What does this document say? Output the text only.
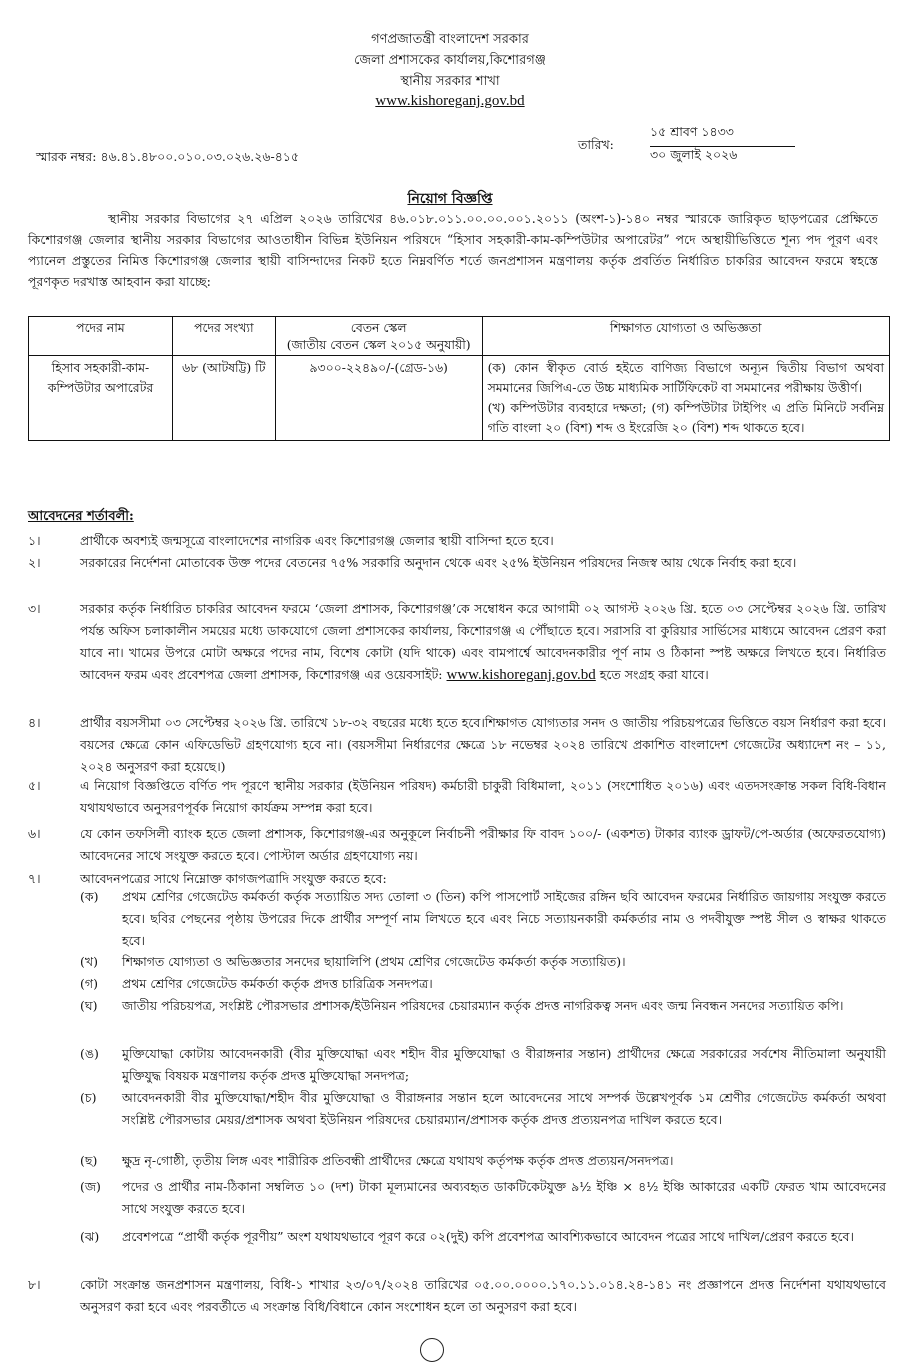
গণপ্রজাতন্ত্রী বাংলাদেশ সরকার
জেলা প্রশাসকের কার্যালয়,কিশোরগঞ্জ
স্থানীয় সরকার শাখা
www.kishoreganj.gov.bd
স্মারক নম্বর: ৪৬.৪১.৪৮০০.০১০.০৩.০২৬.২৬-৪১৫
তারিখ:
১৫ শ্রাবণ ১৪৩৩
৩০ জুলাই ২০২৬
নিয়োগ বিজ্ঞপ্তি
স্থানীয় সরকার বিভাগের ২৭ এপ্রিল ২০২৬ তারিখের ৪৬.০১৮.০১১.০০.০০.০০১.২০১১ (অংশ-১)-১৪০ নম্বর স্মারকে জারিকৃত ছাড়পত্রের প্রেক্ষিতে কিশোরগঞ্জ জেলার স্থানীয় সরকার বিভাগের আওতাধীন বিভিন্ন ইউনিয়ন পরিষদে “হিসাব সহকারী-কাম-কম্পিউটার অপারেটর” পদে অস্থায়ীভিত্তিতে শূন্য পদ পূরণ এবং প্যানেল প্রস্তুতের নিমিত্ত কিশোরগঞ্জ জেলার স্থায়ী বাসিন্দাদের নিকট হতে নিম্নবর্ণিত শর্তে জনপ্রশাসন মন্ত্রণালয় কর্তৃক প্রবর্তিত নির্ধারিত চাকরির আবেদন ফরমে স্বহস্তে পূরণকৃত দরখাস্ত আহবান করা যাচ্ছে:
পদের নাম	পদের সংখ্যা	বেতন স্কেল
(জাতীয় বেতন স্কেল ২০১৫ অনুযায়ী)	শিক্ষাগত যোগ্যতা ও অভিজ্ঞতা
হিসাব সহকারী-কাম-কম্পিউটার অপারেটর	৬৮ (আটষট্টি) টি	৯৩০০-২২৪৯০/-(গ্রেড-১৬)	(ক) কোন স্বীকৃত বোর্ড হইতে বাণিজ্য বিভাগে অন্যূন দ্বিতীয় বিভাগ অথবা সমমানের জিপিএ-তে উচ্চ মাধ্যমিক সার্টিফিকেট বা সমমানের পরীক্ষায় উত্তীর্ণ।
(খ) কম্পিউটার ব্যবহারে দক্ষতা; (গ) কম্পিউটার টাইপিং এ প্রতি মিনিটে সর্বনিম্ন গতি বাংলা ২০ (বিশ) শব্দ ও ইংরেজি ২০ (বিশ) শব্দ থাকতে হবে।
আবেদনের শর্তাবলী:
১।	প্রার্থীকে অবশ্যই জন্মসূত্রে বাংলাদেশের নাগরিক এবং কিশোরগঞ্জ জেলার স্থায়ী বাসিন্দা হতে হবে।
২।	সরকারের নির্দেশনা মোতাবেক উক্ত পদের বেতনের ৭৫% সরকারি অনুদান থেকে এবং ২৫% ইউনিয়ন পরিষদের নিজস্ব আয় থেকে নির্বাহ করা হবে।
৩।	সরকার কর্তৃক নির্ধারিত চাকরির আবেদন ফরমে ‘জেলা প্রশাসক, কিশোরগঞ্জ’কে সম্বোধন করে আগামী ০২ আগস্ট ২০২৬ খ্রি. হতে ০৩ সেপ্টেম্বর ২০২৬ খ্রি. তারিখ পর্যন্ত অফিস চলাকালীন সময়ের মধ্যে ডাকযোগে জেলা প্রশাসকের কার্যালয়, কিশোরগঞ্জ এ পৌঁছাতে হবে। সরাসরি বা কুরিয়ার সার্ভিসের মাধ্যমে আবেদন প্রেরণ করা যাবে না। খামের উপরে মোটা অক্ষরে পদের নাম, বিশেষ কোটা (যদি থাকে) এবং বামপার্শ্বে আবেদনকারীর পূর্ণ নাম ও ঠিকানা স্পষ্ট অক্ষরে লিখতে হবে। নির্ধারিত আবেদন ফরম এবং প্রবেশপত্র জেলা প্রশাসক, কিশোরগঞ্জ এর ওয়েবসাইট: www.kishoreganj.gov.bd হতে সংগ্রহ করা যাবে।
৪।	প্রার্থীর বয়সসীমা ০৩ সেপ্টেম্বর ২০২৬ খ্রি. তারিখে ১৮-৩২ বছরের মধ্যে হতে হবে।শিক্ষাগত যোগ্যতার সনদ ও জাতীয় পরিচয়পত্রের ভিত্তিতে বয়স নির্ধারণ করা হবে। বয়সের ক্ষেত্রে কোন এফিডেভিট গ্রহণযোগ্য হবে না। (বয়সসীমা নির্ধারণের ক্ষেত্রে ১৮ নভেম্বর ২০২৪ তারিখে প্রকাশিত বাংলাদেশ গেজেটের অধ্যাদেশ নং – ১১, ২০২৪ অনুসরণ করা হয়েছে।)
৫।	এ নিয়োগ বিজ্ঞপ্তিতে বর্ণিত পদ পূরণে স্থানীয় সরকার (ইউনিয়ন পরিষদ) কর্মচারী চাকুরী বিধিমালা, ২০১১ (সংশোধিত ২০১৬) এবং এতদসংক্রান্ত সকল বিধি-বিধান যথাযথভাবে অনুসরণপূর্বক নিয়োগ কার্যক্রম সম্পন্ন করা হবে।
৬।	যে কোন তফসিলী ব্যাংক হতে জেলা প্রশাসক, কিশোরগঞ্জ-এর অনুকূলে নির্বাচনী পরীক্ষার ফি বাবদ ১০০/- (একশত) টাকার ব্যাংক ড্রাফট/পে-অর্ডার (অফেরতযোগ্য) আবেদনের সাথে সংযুক্ত করতে হবে। পোস্টাল অর্ডার গ্রহণযোগ্য নয়।
৭।	আবেদনপত্রের সাথে নিম্নোক্ত কাগজপত্রাদি সংযুক্ত করতে হবে:
(ক)	প্রথম শ্রেণির গেজেটেড কর্মকর্তা কর্তৃক সত্যায়িত সদ্য তোলা ৩ (তিন) কপি পাসপোর্ট সাইজের রঙ্গিন ছবি আবেদন ফরমের নির্ধারিত জায়গায় সংযুক্ত করতে হবে। ছবির পেছনের পৃষ্ঠায় উপরের দিকে প্রার্থীর সম্পূর্ণ নাম লিখতে হবে এবং নিচে সত্যায়নকারী কর্মকর্তার নাম ও পদবীযুক্ত স্পষ্ট সীল ও স্বাক্ষর থাকতে হবে।
(খ)	শিক্ষাগত যোগ্যতা ও অভিজ্ঞতার সনদের ছায়ালিপি (প্রথম শ্রেণির গেজেটেড কর্মকর্তা কর্তৃক সত্যায়িত)।
(গ)	প্রথম শ্রেণির গেজেটেড কর্মকর্তা কর্তৃক প্রদত্ত চারিত্রিক সনদপত্র।
(ঘ)	জাতীয় পরিচয়পত্র, সংশ্লিষ্ট পৌরসভার প্রশাসক/ইউনিয়ন পরিষদের চেয়ারম্যান কর্তৃক প্রদত্ত নাগরিকত্ব সনদ এবং জন্ম নিবন্ধন সনদের সত্যায়িত কপি।
(ঙ)	মুক্তিযোদ্ধা কোটায় আবেদনকারী (বীর মুক্তিযোদ্ধা এবং শহীদ বীর মুক্তিযোদ্ধা ও বীরাঙ্গনার সন্তান) প্রার্থীদের ক্ষেত্রে সরকারের সর্বশেষ নীতিমালা অনুযায়ী মুক্তিযুদ্ধ বিষয়ক মন্ত্রণালয় কর্তৃক প্রদত্ত মুক্তিযোদ্ধা সনদপত্র;
(চ)	আবেদনকারী বীর মুক্তিযোদ্ধা/শহীদ বীর মুক্তিযোদ্ধা ও বীরাঙ্গনার সন্তান হলে আবেদনের সাথে সম্পর্ক উল্লেখপূর্বক ১ম শ্রেণীর গেজেটেড কর্মকর্তা অথবা সংশ্লিষ্ট পৌরসভার মেয়র/প্রশাসক অথবা ইউনিয়ন পরিষদের চেয়ারম্যান/প্রশাসক কর্তৃক প্রদত্ত প্রত্যয়নপত্র দাখিল করতে হবে।
(ছ)	ক্ষুদ্র নৃ-গোষ্ঠী, তৃতীয় লিঙ্গ এবং শারীরিক প্রতিবন্ধী প্রার্থীদের ক্ষেত্রে যথাযথ কর্তৃপক্ষ কর্তৃক প্রদত্ত প্রত্যয়ন/সনদপত্র।
(জ)	পদের ও প্রার্থীর নাম-ঠিকানা সম্বলিত ১০ (দশ) টাকা মূল্যমানের অব্যবহৃত ডাকটিকেটযুক্ত ৯½ ইঞ্চি × ৪½ ইঞ্চি আকারের একটি ফেরত খাম আবেদনের সাথে সংযুক্ত করতে হবে।
(ঝ)	প্রবেশপত্রে “প্রার্থী কর্তৃক পূরণীয়” অংশ যথাযথভাবে পূরণ করে ০২(দুই) কপি প্রবেশপত্র আবশ্যিকভাবে আবেদন পত্রের সাথে দাখিল/প্রেরণ করতে হবে।
৮।	কোটা সংক্রান্ত জনপ্রশাসন মন্ত্রণালয়, বিধি-১ শাখার ২৩/০৭/২০২৪ তারিখের ০৫.০০.০০০০.১৭০.১১.০১৪.২৪-১৪১ নং প্রজ্ঞাপনে প্রদত্ত নির্দেশনা যথাযথভাবে অনুসরণ করা হবে এবং পরবর্তীতে এ সংক্রান্ত বিধি/বিধানে কোন সংশোধন হলে তা অনুসরণ করা হবে।
